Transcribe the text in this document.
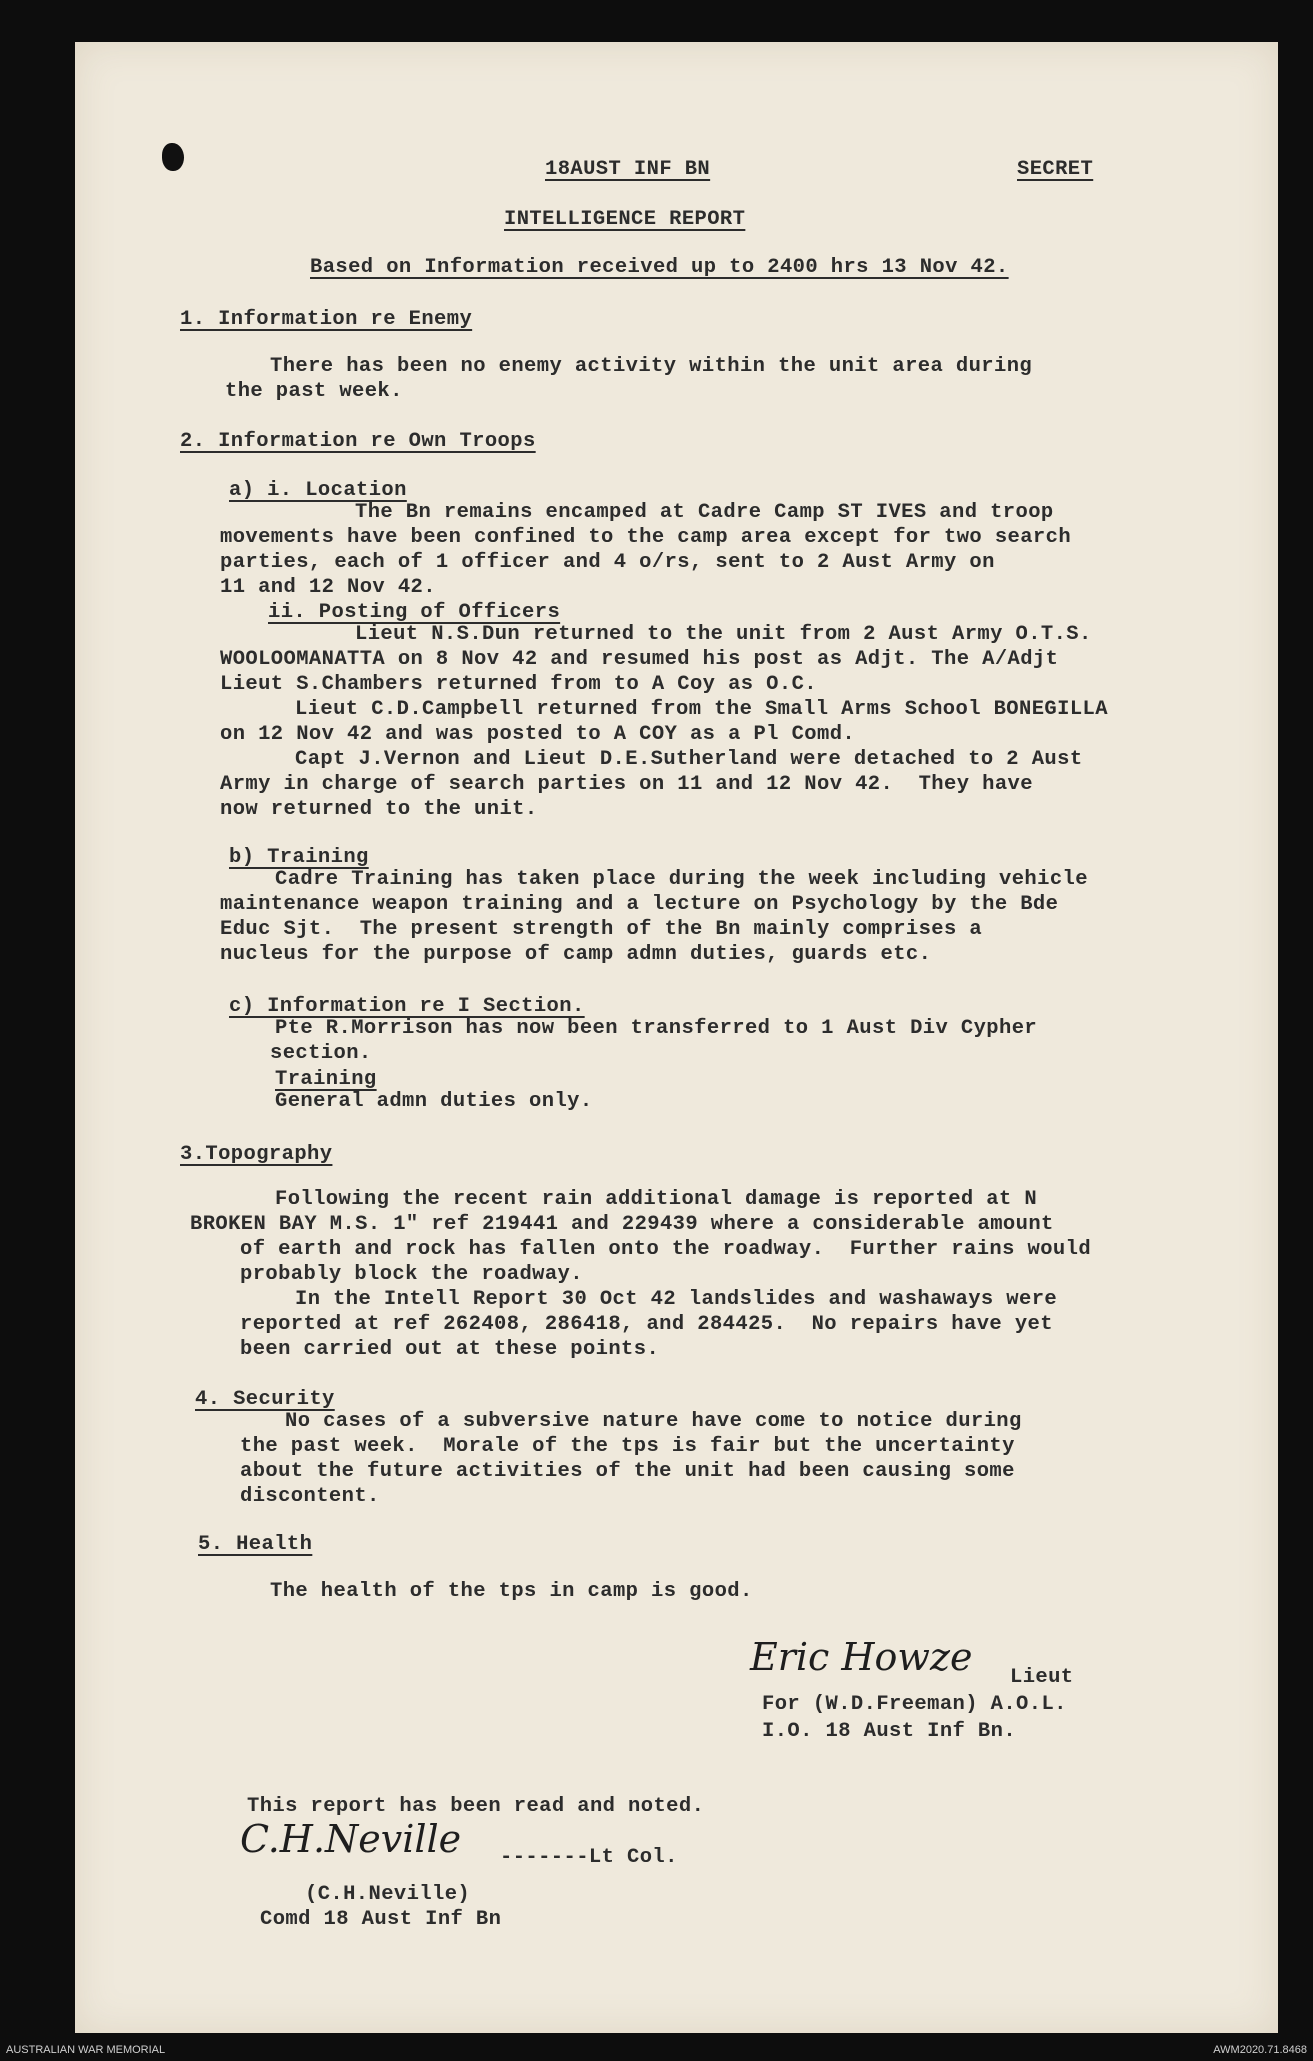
18AUST INF BN	SECRET
INTELLIGENCE REPORT
Based on Information received up to 2400 hrs 13 Nov 42.
1. Information re Enemy
There has been no enemy activity within the unit area during
the past week.
2. Information re Own Troops
a) i. Location
The Bn remains encamped at Cadre Camp ST IVES and troop
movements have been confined to the camp area except for two search
parties, each of 1 officer and 4 o/rs, sent to 2 Aust Army on
11 and 12 Nov 42.
ii. Posting of Officers
Lieut N.S.Dun returned to the unit from 2 Aust Army O.T.S.
WOOLOOMANATTA on 8 Nov 42 and resumed his post as Adjt. The A/Adjt
Lieut S.Chambers returned from to A Coy as O.C.
Lieut C.D.Campbell returned from the Small Arms School BONEGILLA
on 12 Nov 42 and was posted to A COY as a Pl Comd.
Capt J.Vernon and Lieut D.E.Sutherland were detached to 2 Aust
Army in charge of search parties on 11 and 12 Nov 42.  They have
now returned to the unit.
b) Training
Cadre Training has taken place during the week including vehicle
maintenance weapon training and a lecture on Psychology by the Bde
Educ Sjt.  The present strength of the Bn mainly comprises a
nucleus for the purpose of camp admn duties, guards etc.
c) Information re I Section.
Pte R.Morrison has now been transferred to 1 Aust Div Cypher
section.
Training
General admn duties only.
3.Topography
Following the recent rain additional damage is reported at N
BROKEN BAY M.S. 1" ref 219441 and 229439 where a considerable amount
of earth and rock has fallen onto the roadway.  Further rains would
probably block the roadway.
In the Intell Report 30 Oct 42 landslides and washaways were
reported at ref 262408, 286418, and 284425.  No repairs have yet
been carried out at these points.
4. Security
No cases of a subversive nature have come to notice during
the past week.  Morale of the tps is fair but the uncertainty
about the future activities of the unit had been causing some
discontent.
5. Health
The health of the tps in camp is good.
Eric Howze Lieut
For (W.D.Freeman) A.O.L.
I.O. 18 Aust Inf Bn.
This report has been read and noted.
C.H.Neville -------Lt Col.
(C.H.Neville)
Comd 18 Aust Inf Bn
AUSTRALIAN WAR MEMORIAL	AWM2020.71.8468
